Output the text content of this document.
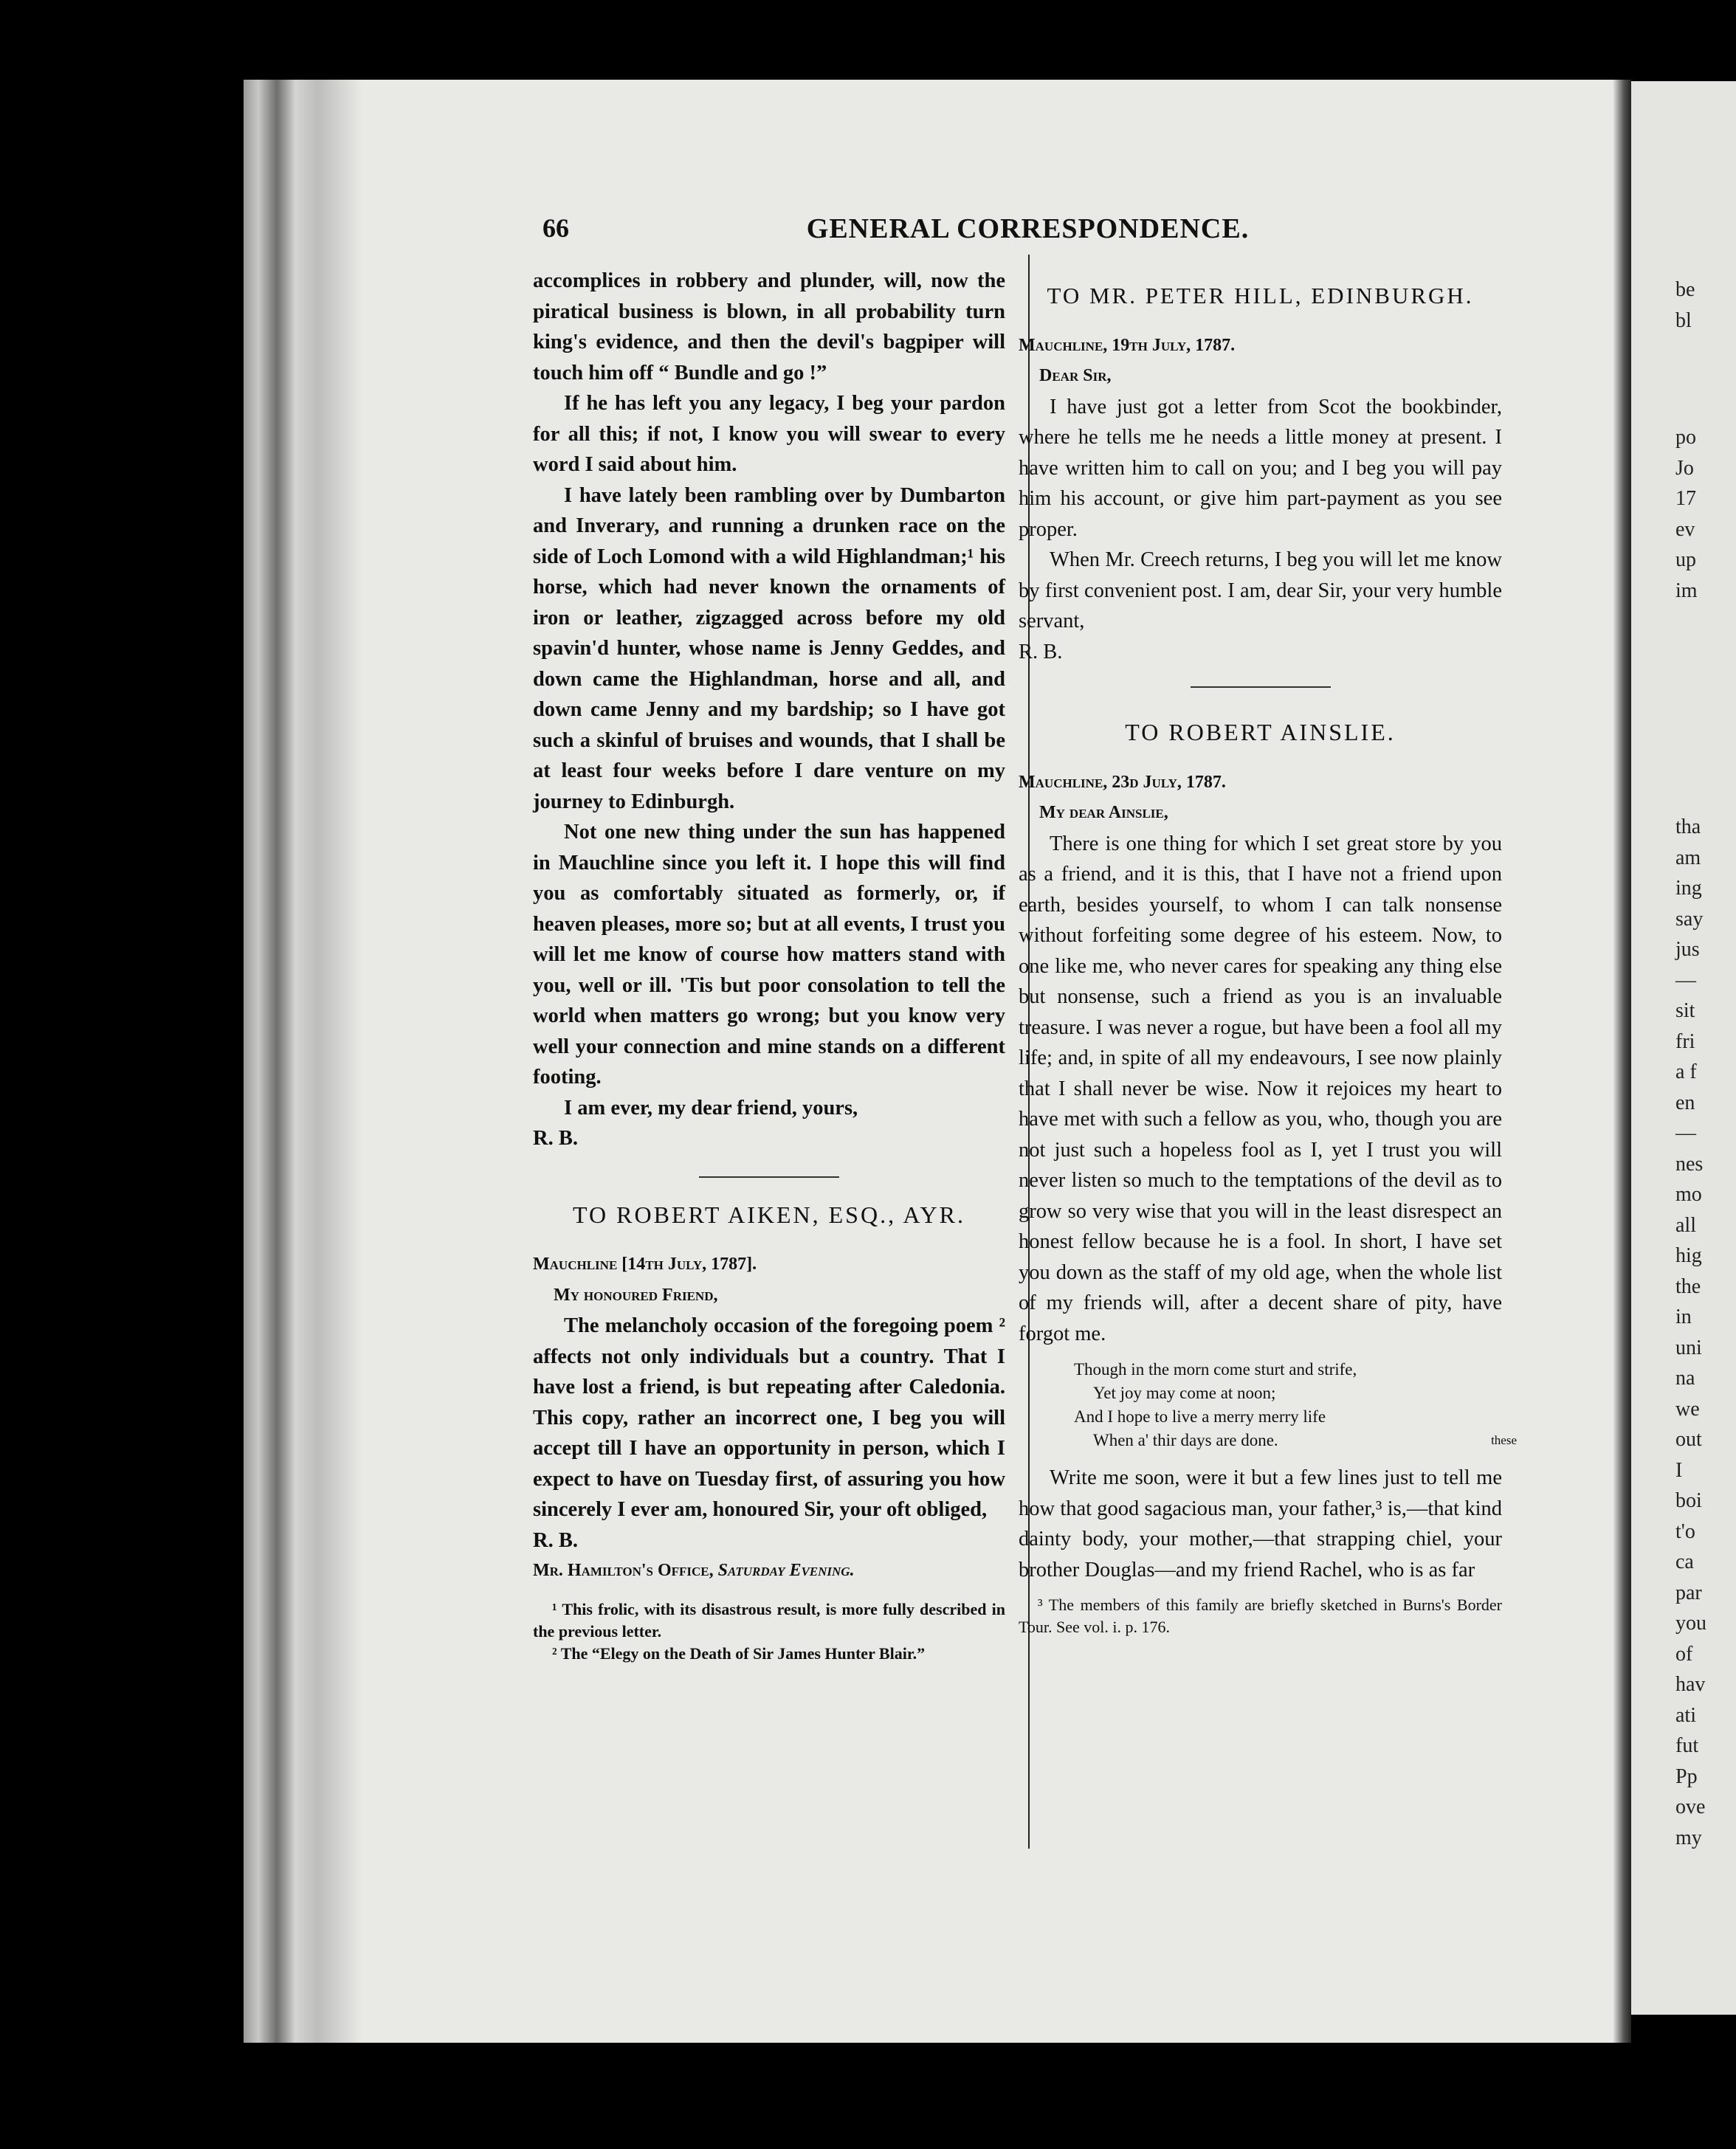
66	GENERAL CORRESPONDENCE.

accomplices in robbery and plunder, will, now the piratical business is blown, in all probability turn king's evidence, and then the devil's bagpiper will touch him off “ Bundle and go !”

If he has left you any legacy, I beg your pardon for all this; if not, I know you will swear to every word I said about him.

I have lately been rambling over by Dumbarton and Inverary, and running a drunken race on the side of Loch Lomond with a wild Highlandman;¹ his horse, which had never known the ornaments of iron or leather, zigzagged across before my old spavin'd hunter, whose name is Jenny Geddes, and down came the Highlandman, horse and all, and down came Jenny and my bardship; so I have got such a skinful of bruises and wounds, that I shall be at least four weeks before I dare venture on my journey to Edinburgh.

Not one new thing under the sun has happened in Mauchline since you left it. I hope this will find you as comfortably situated as formerly, or, if heaven pleases, more so; but at all events, I trust you will let me know of course how matters stand with you, well or ill. 'Tis but poor consolation to tell the world when matters go wrong; but you know very well your connection and mine stands on a different footing.

I am ever, my dear friend, yours,

R. B.

TO ROBERT AIKEN, ESQ., AYR.

Mauchline [14th July, 1787].

My honoured Friend,

The melancholy occasion of the foregoing poem ² affects not only individuals but a country. That I have lost a friend, is but repeating after Caledonia. This copy, rather an incorrect one, I beg you will accept till I have an opportunity in person, which I expect to have on Tuesday first, of assuring you how sincerely I ever am, honoured Sir, your oft obliged,

R. B.

Mr. Hamilton's Office, Saturday Evening.

¹ This frolic, with its disastrous result, is more fully described in the previous letter.

² The “Elegy on the Death of Sir James Hunter Blair.”

TO MR. PETER HILL, EDINBURGH.

Mauchline, 19th July, 1787.

Dear Sir,

I have just got a letter from Scot the bookbinder, where he tells me he needs a little money at present. I have written him to call on you; and I beg you will pay him his account, or give him part-payment as you see proper.

When Mr. Creech returns, I beg you will let me know by first convenient post. I am, dear Sir, your very humble servant,

R. B.

TO ROBERT AINSLIE.

Mauchline, 23d July, 1787.

My dear Ainslie,

There is one thing for which I set great store by you as a friend, and it is this, that I have not a friend upon earth, besides yourself, to whom I can talk nonsense without forfeiting some degree of his esteem. Now, to one like me, who never cares for speaking any thing else but nonsense, such a friend as you is an invaluable treasure. I was never a rogue, but have been a fool all my life; and, in spite of all my endeavours, I see now plainly that I shall never be wise. Now it rejoices my heart to have met with such a fellow as you, who, though you are not just such a hopeless fool as I, yet I trust you will never listen so much to the temptations of the devil as to grow so very wise that you will in the least disrespect an honest fellow because he is a fool. In short, I have set you down as the staff of my old age, when the whole list of my friends will, after a decent share of pity, have forgot me.

Though in the morn come sturt and strife,
Yet joy may come at noon;
And I hope to live a merry merry life
When a' thir days are done.	these

Write me soon, were it but a few lines just to tell me how that good sagacious man, your father,³ is,—that kind dainty body, your mother,—that strapping chiel, your brother Douglas—and my friend Rachel, who is as far

³ The members of this family are briefly sketched in Burns's Border Tour. See vol. i. p. 176.

be
bl
po
Jo
17
ev
up
im
tha
am
ing
say
jus
—
sit
fri
a f
en
—
nes
mo
all
hig
the
in
uni
na
we
out
I
boi
t'o
ca
par
you
of
hav
ati
fut
Pp
ove
my
